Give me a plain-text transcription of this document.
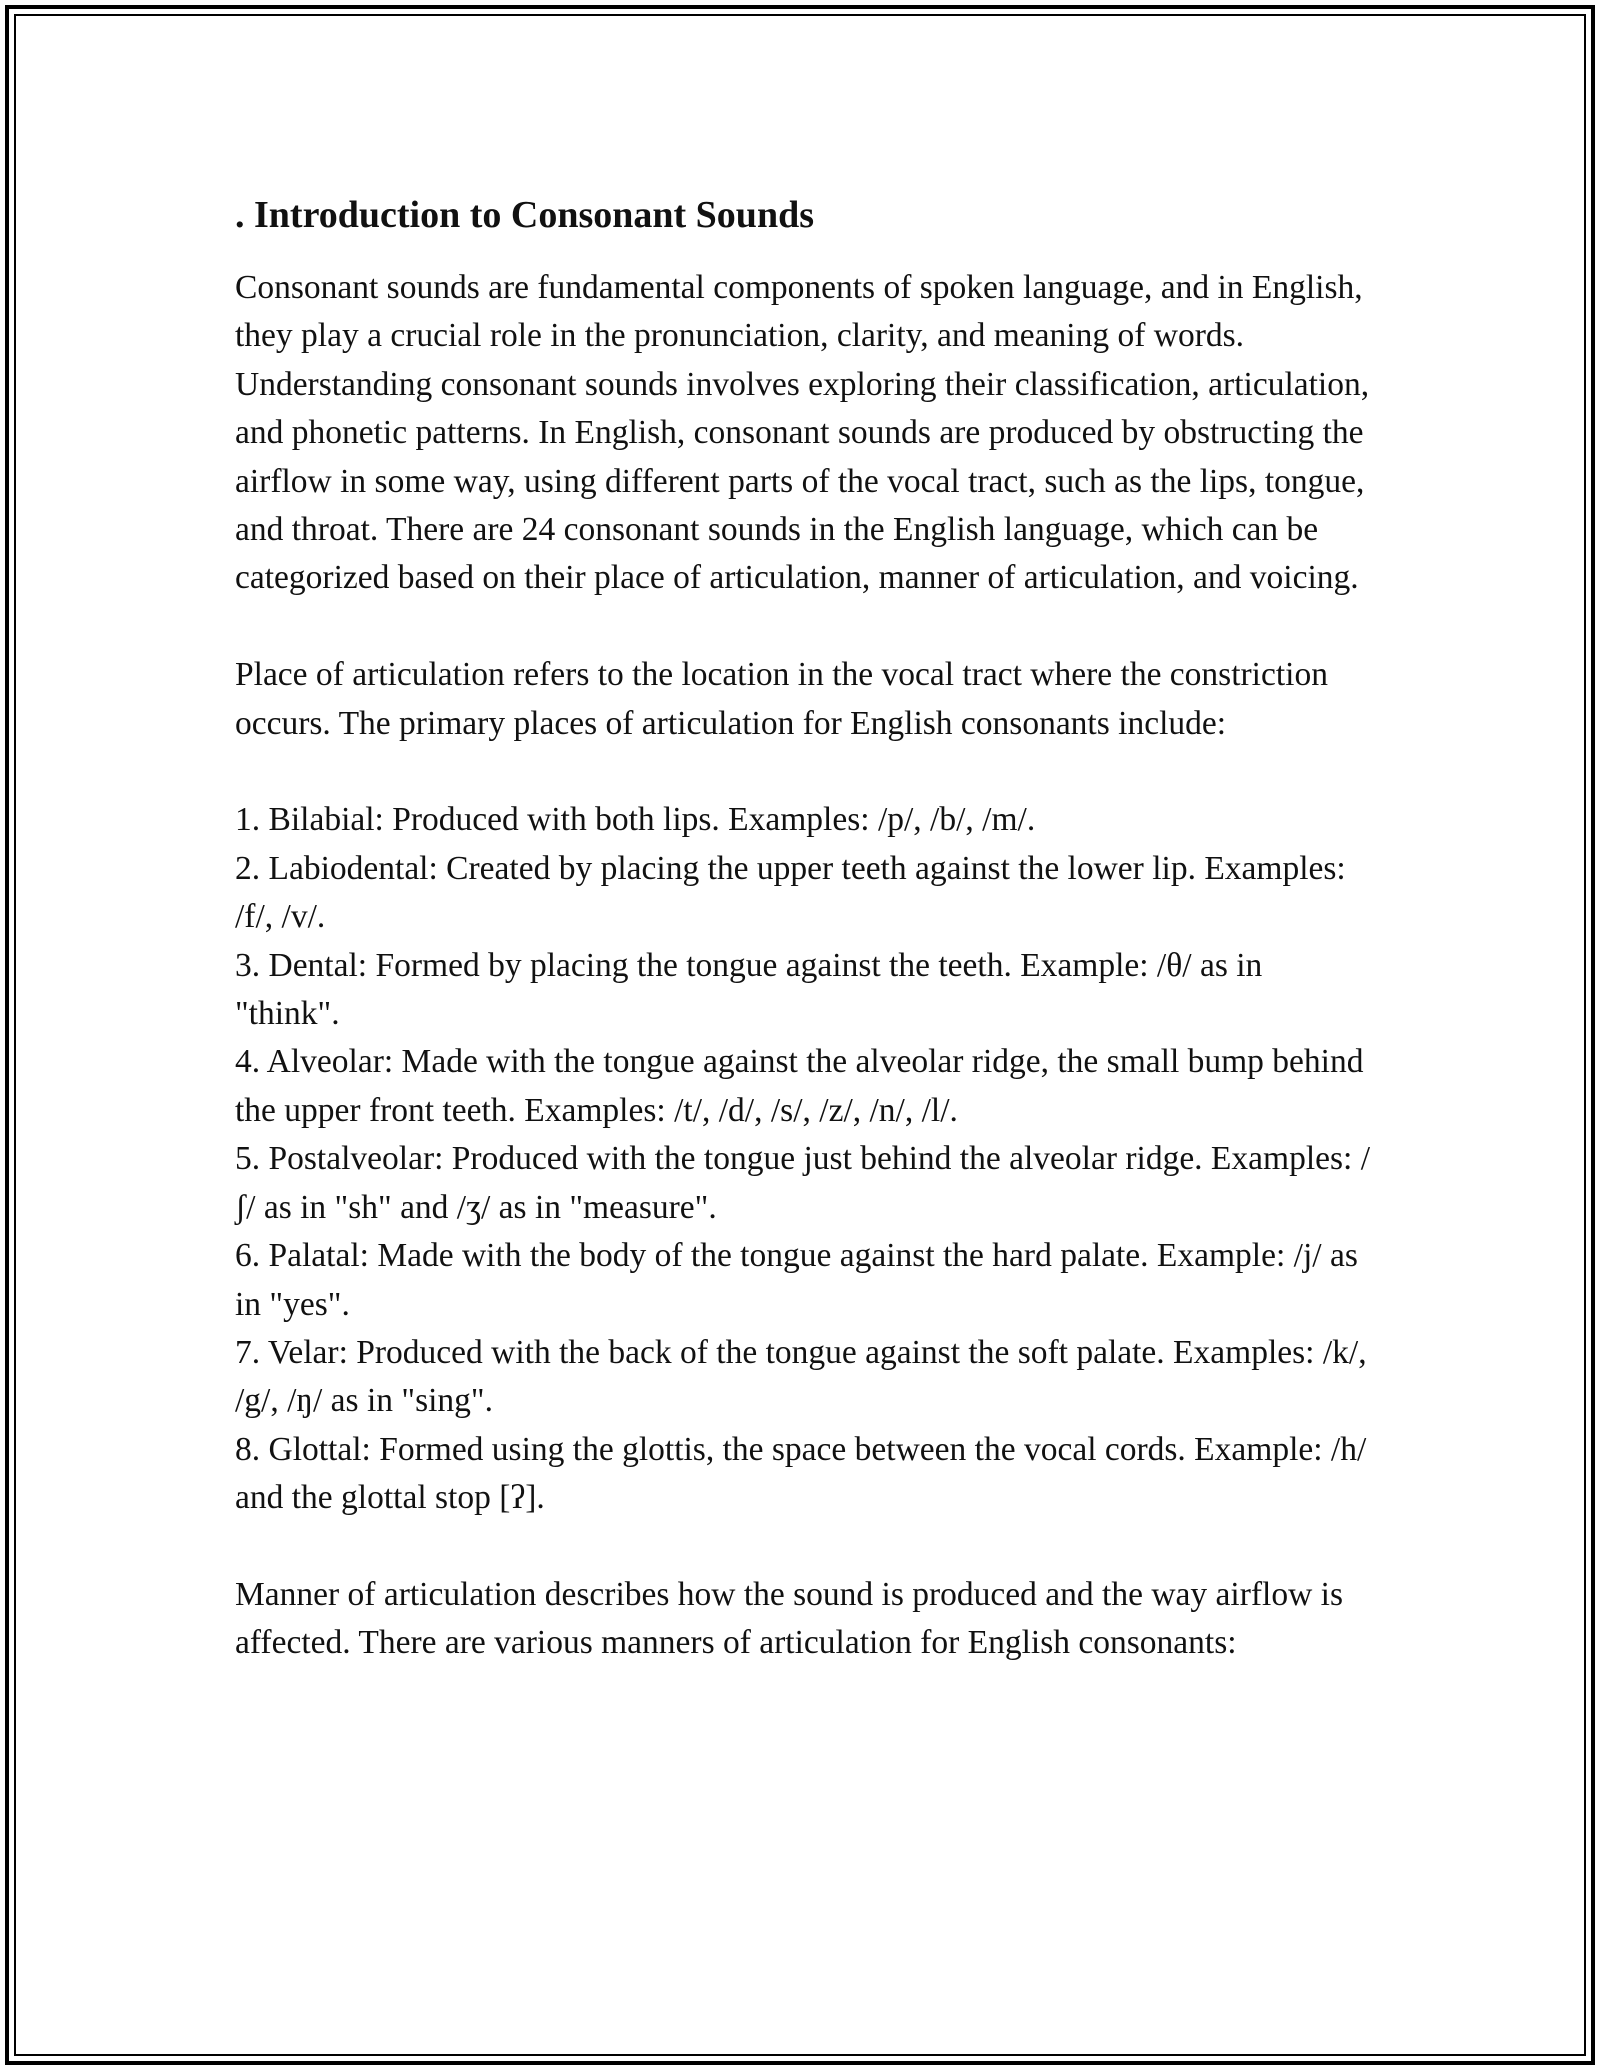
. Introduction to Consonant Sounds

Consonant sounds are fundamental components of spoken language, and in English, they play a crucial role in the pronunciation, clarity, and meaning of words. Understanding consonant sounds involves exploring their classification, articulation, and phonetic patterns. In English, consonant sounds are produced by obstructing the airflow in some way, using different parts of the vocal tract, such as the lips, tongue, and throat. There are 24 consonant sounds in the English language, which can be categorized based on their place of articulation, manner of articulation, and voicing.

Place of articulation refers to the location in the vocal tract where the constriction occurs. The primary places of articulation for English consonants include:

1. Bilabial: Produced with both lips. Examples: /p/, /b/, /m/.
2. Labiodental: Created by placing the upper teeth against the lower lip. Examples: /f/, /v/.
3. Dental: Formed by placing the tongue against the teeth. Example: /θ/ as in "think".
4. Alveolar: Made with the tongue against the alveolar ridge, the small bump behind the upper front teeth. Examples: /t/, /d/, /s/, /z/, /n/, /l/.
5. Postalveolar: Produced with the tongue just behind the alveolar ridge. Examples: /ʃ/ as in "sh" and /ʒ/ as in "measure".
6. Palatal: Made with the body of the tongue against the hard palate. Example: /j/ as in "yes".
7. Velar: Produced with the back of the tongue against the soft palate. Examples: /k/, /g/, /ŋ/ as in "sing".
8. Glottal: Formed using the glottis, the space between the vocal cords. Example: /h/ and the glottal stop [ʔ].

Manner of articulation describes how the sound is produced and the way airflow is affected. There are various manners of articulation for English consonants:
